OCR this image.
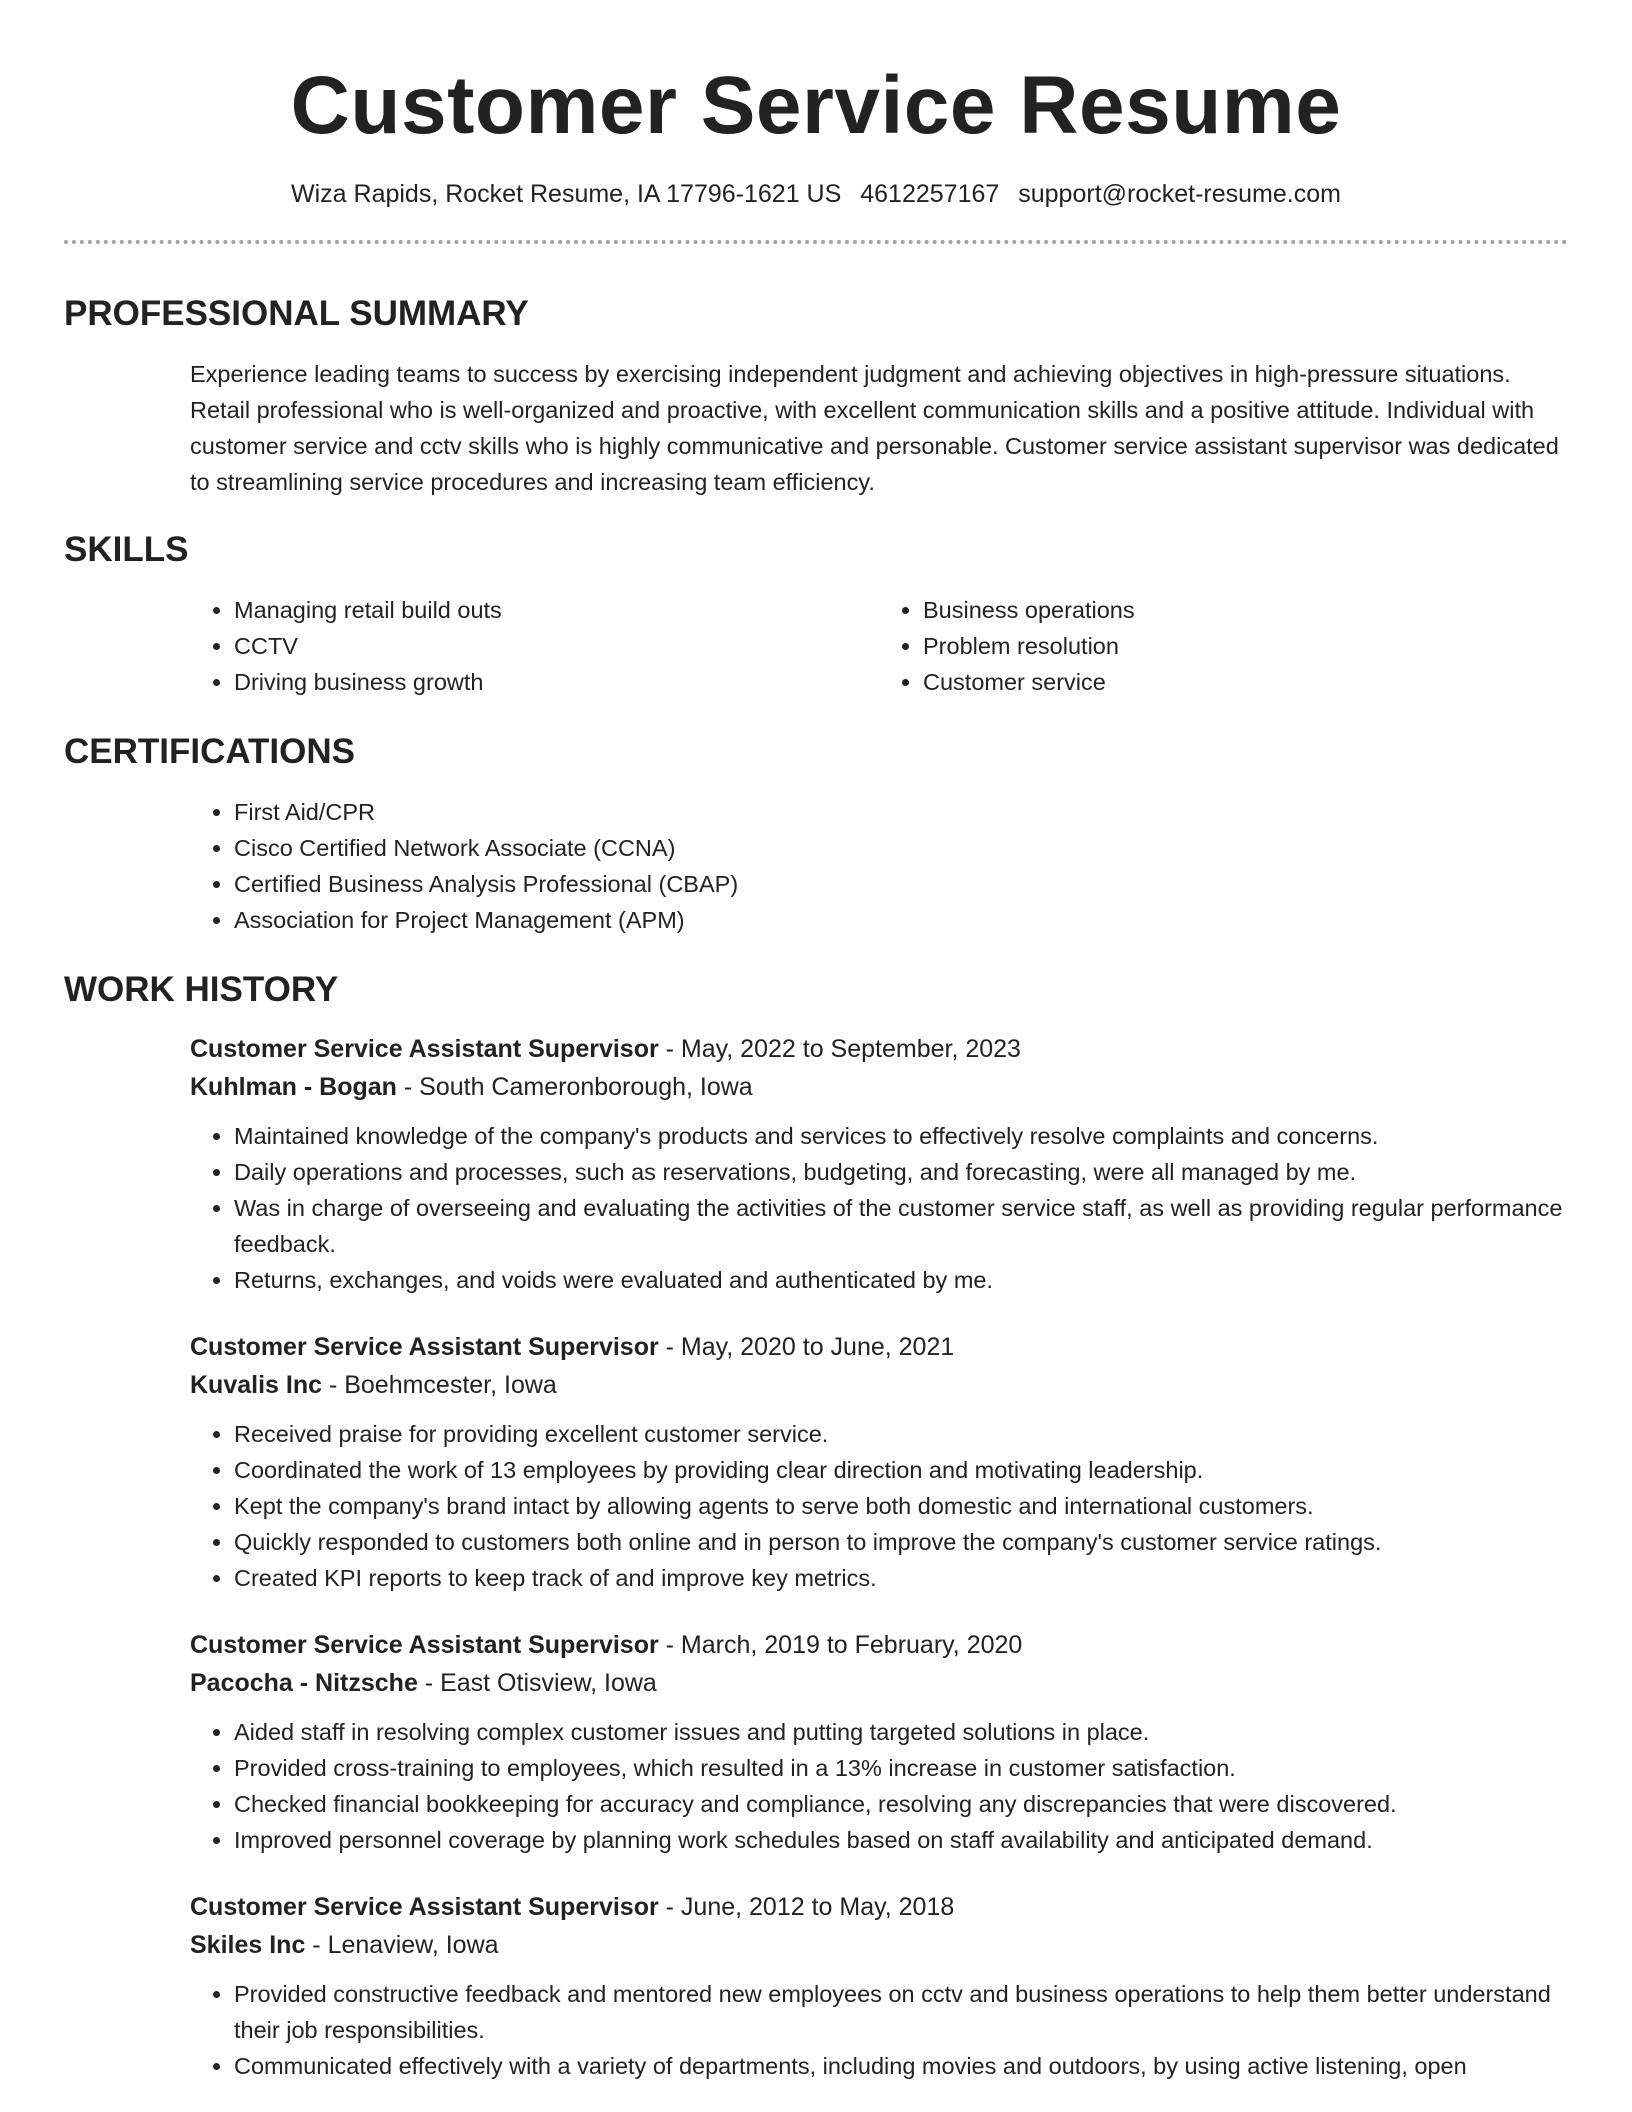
Customer Service Resume
Wiza Rapids, Rocket Resume, IA 17796-1621 US 4612257167 support@rocket-resume.com
PROFESSIONAL SUMMARY

Experience leading teams to success by exercising independent judgment and achieving objectives in high-pressure situations. Retail professional who is well-organized and proactive, with excellent communication skills and a positive attitude. Individual with customer service and cctv skills who is highly communicative and personable. Customer service assistant supervisor was dedicated to streamlining service procedures and increasing team efficiency.

SKILLS
• Managing retail build outs
• CCTV
• Driving business growth
• Business operations
• Problem resolution
• Customer service
CERTIFICATIONS
• First Aid/CPR
• Cisco Certified Network Associate (CCNA)
• Certified Business Analysis Professional (CBAP)
• Association for Project Management (APM)
WORK HISTORY
Customer Service Assistant Supervisor - May, 2022 to September, 2023
Kuhlman - Bogan - South Cameronborough, Iowa
• Maintained knowledge of the company's products and services to effectively resolve complaints and concerns.
• Daily operations and processes, such as reservations, budgeting, and forecasting, were all managed by me.
• Was in charge of overseeing and evaluating the activities of the customer service staff, as well as providing regular performance feedback.
• Returns, exchanges, and voids were evaluated and authenticated by me.
Customer Service Assistant Supervisor - May, 2020 to June, 2021
Kuvalis Inc - Boehmcester, Iowa
• Received praise for providing excellent customer service.
• Coordinated the work of 13 employees by providing clear direction and motivating leadership.
• Kept the company's brand intact by allowing agents to serve both domestic and international customers.
• Quickly responded to customers both online and in person to improve the company's customer service ratings.
• Created KPI reports to keep track of and improve key metrics.
Customer Service Assistant Supervisor - March, 2019 to February, 2020
Pacocha - Nitzsche - East Otisview, Iowa
• Aided staff in resolving complex customer issues and putting targeted solutions in place.
• Provided cross-training to employees, which resulted in a 13% increase in customer satisfaction.
• Checked financial bookkeeping for accuracy and compliance, resolving any discrepancies that were discovered.
• Improved personnel coverage by planning work schedules based on staff availability and anticipated demand.
Customer Service Assistant Supervisor - June, 2012 to May, 2018
Skiles Inc - Lenaview, Iowa
• Provided constructive feedback and mentored new employees on cctv and business operations to help them better understand their job responsibilities.
• Communicated effectively with a variety of departments, including movies and outdoors, by using active listening, open
